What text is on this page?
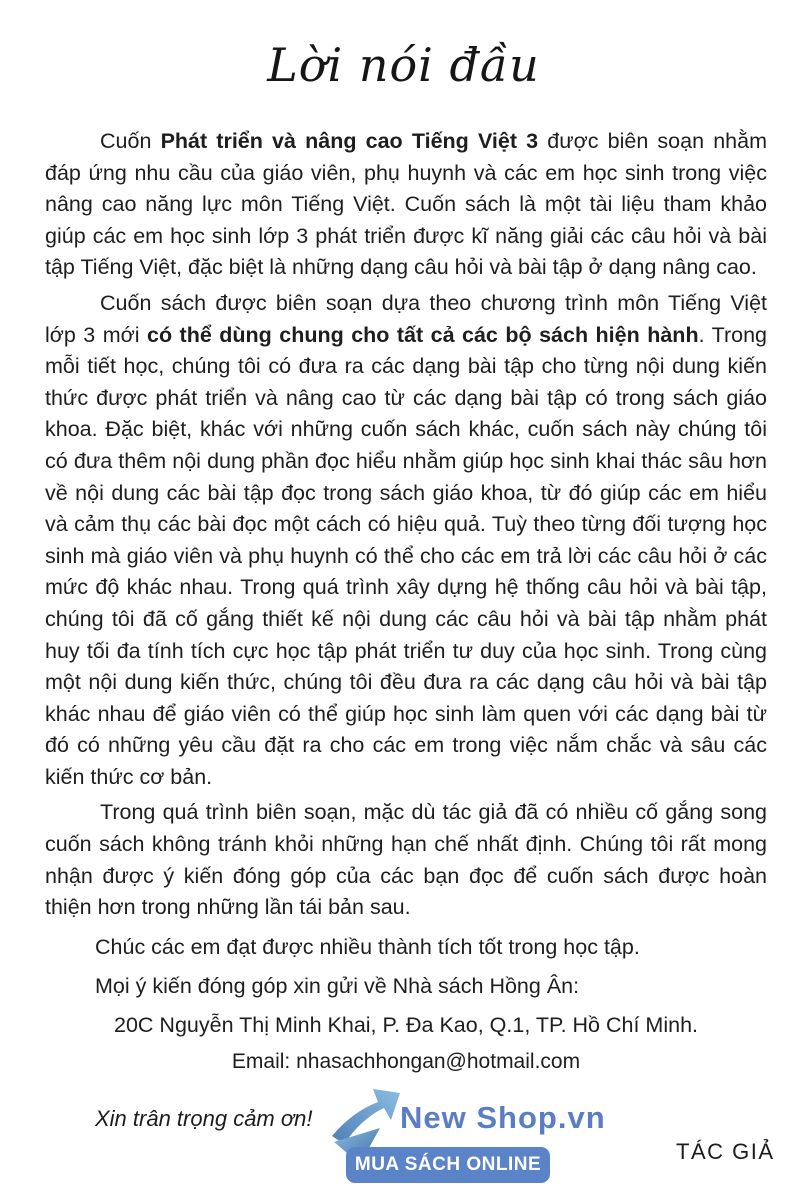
Lời nói đầu

Cuốn Phát triển và nâng cao Tiếng Việt 3 được biên soạn nhằm đáp ứng nhu cầu của giáo viên, phụ huynh và các em học sinh trong việc nâng cao năng lực môn Tiếng Việt. Cuốn sách là một tài liệu tham khảo giúp các em học sinh lớp 3 phát triển được kĩ năng giải các câu hỏi và bài tập Tiếng Việt, đặc biệt là những dạng câu hỏi và bài tập ở dạng nâng cao.

Cuốn sách được biên soạn dựa theo chương trình môn Tiếng Việt lớp 3 mới có thể dùng chung cho tất cả các bộ sách hiện hành. Trong mỗi tiết học, chúng tôi có đưa ra các dạng bài tập cho từng nội dung kiến thức được phát triển và nâng cao từ các dạng bài tập có trong sách giáo khoa. Đặc biệt, khác với những cuốn sách khác, cuốn sách này chúng tôi có đưa thêm nội dung phần đọc hiểu nhằm giúp học sinh khai thác sâu hơn về nội dung các bài tập đọc trong sách giáo khoa, từ đó giúp các em hiểu và cảm thụ các bài đọc một cách có hiệu quả. Tuỳ theo từng đối tượng học sinh mà giáo viên và phụ huynh có thể cho các em trả lời các câu hỏi ở các mức độ khác nhau. Trong quá trình xây dựng hệ thống câu hỏi và bài tập, chúng tôi đã cố gắng thiết kế nội dung các câu hỏi và bài tập nhằm phát huy tối đa tính tích cực học tập phát triển tư duy của học sinh. Trong cùng một nội dung kiến thức, chúng tôi đều đưa ra các dạng câu hỏi và bài tập khác nhau để giáo viên có thể giúp học sinh làm quen với các dạng bài từ đó có những yêu cầu đặt ra cho các em trong việc nắm chắc và sâu các kiến thức cơ bản.

Trong quá trình biên soạn, mặc dù tác giả đã có nhiều cố gắng song cuốn sách không tránh khỏi những hạn chế nhất định. Chúng tôi rất mong nhận được ý kiến đóng góp của các bạn đọc để cuốn sách được hoàn thiện hơn trong những lần tái bản sau.

Chúc các em đạt được nhiều thành tích tốt trong học tập.
Mọi ý kiến đóng góp xin gửi về Nhà sách Hồng Ân:
20C Nguyễn Thị Minh Khai, P. Đa Kao, Q.1, TP. Hồ Chí Minh.
Email: nhasachhongan@hotmail.com
Xin trân trọng cảm ơn!	New Shop.vn
MUA SÁCH ONLINE
TÁC GIẢ
